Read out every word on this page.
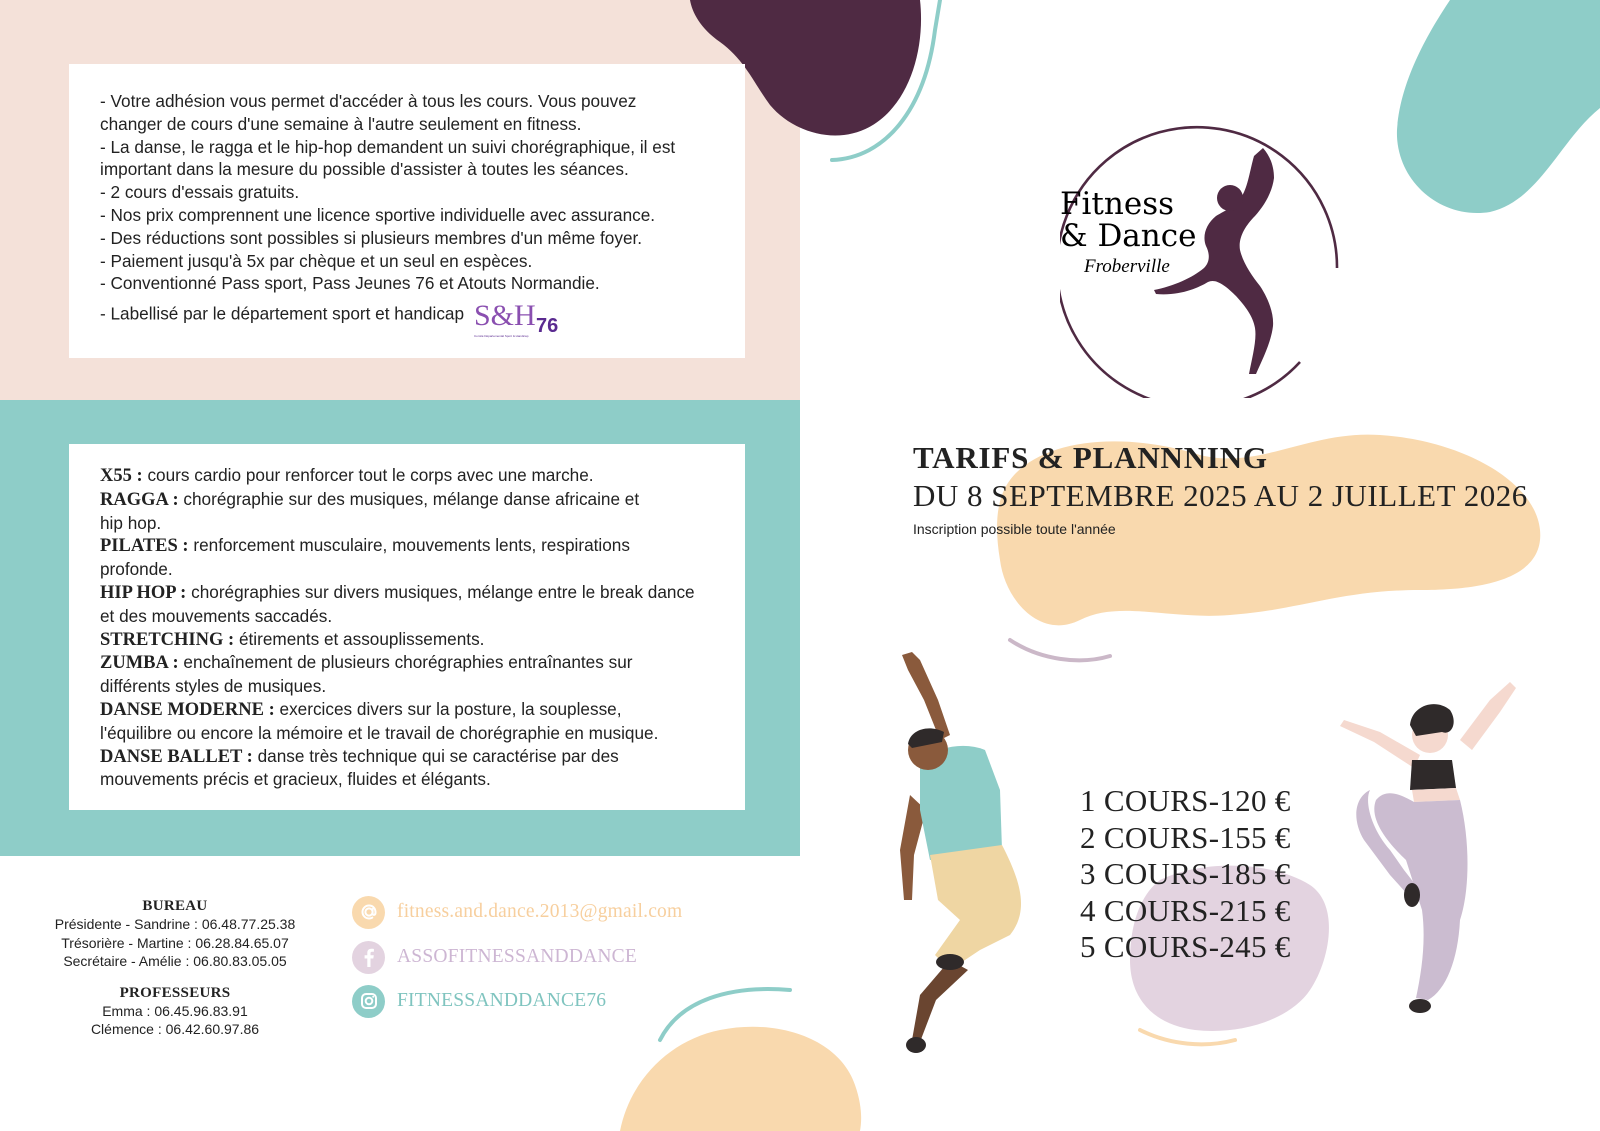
- Votre adhésion vous permet d'accéder à tous les cours. Vous pouvez
changer de cours d'une semaine à l'autre seulement en fitness.
- La danse, le ragga et le hip-hop demandent un suivi chorégraphique, il est
important dans la mesure du possible d'assister à toutes les séances.
- 2 cours d'essais gratuits.
- Nos prix comprennent une licence sportive individuelle avec assurance.
- Des réductions sont possibles si plusieurs membres d'un même foyer.
- Paiement jusqu'à 5x par chèque et un seul en espèces.
- Conventionné Pass sport, Pass Jeunes 76 et Atouts Normandie.
- Labellisé par le département sport et handicap S&H 76
Comité Départemental Sport & Handicap
X55 : cours cardio pour renforcer tout le corps avec une marche.
RAGGA : chorégraphie sur des musiques, mélange danse africaine et hip hop.
PILATES : renforcement musculaire, mouvements lents, respirations profonde.
HIP HOP : chorégraphies sur divers musiques, mélange entre le break dance et des mouvements saccadés.
STRETCHING : étirements et assouplissements.
ZUMBA : enchaînement de plusieurs chorégraphies entraînantes sur différents styles de musiques.
DANSE MODERNE : exercices divers sur la posture, la souplesse, l'équilibre ou encore la mémoire et le travail de chorégraphie en musique.
DANSE BALLET : danse très technique qui se caractérise par des mouvements précis et gracieux, fluides et élégants.
BUREAU
Présidente - Sandrine : 06.48.77.25.38
Trésorière - Martine : 06.28.84.65.07
Secrétaire - Amélie : 06.80.83.05.05
PROFESSEURS
Emma : 06.45.96.83.91
Clémence : 06.42.60.97.86
fitness.and.dance.2013@gmail.com
ASSOFITNESSANDDANCE
FITNESSANDDANCE76
Fitness
& Dance
Froberville
TARIFS & PLANNNING
DU 8 SEPTEMBRE 2025 AU 2 JUILLET 2026
Inscription possible toute l'année
1 COURS-120 €
2 COURS-155 €
3 COURS-185 €
4 COURS-215 €
5 COURS-245 €
